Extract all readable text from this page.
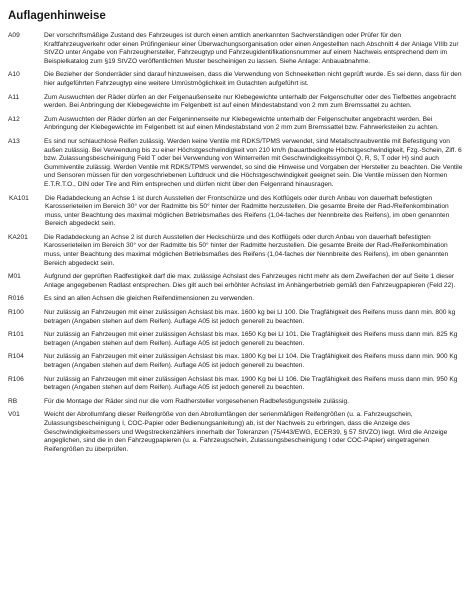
Auflagenhinweise
A09	Der vorschriftsmäßige Zustand des Fahrzeuges ist durch einen amtlich anerkannten Sachverständigen oder Prüfer für den Kraftfahrzeugverkehr oder einen Prüfingenieur einer Überwachungsorganisation oder einen Angestellten nach Abschnitt 4 der Anlage VIIIb zur StVZO unter Angabe von Fahrzeughersteller, Fahrzeugtyp und Fahrzeugidentifikationsnummer auf einem Nachweis entsprechend dem im Beispielkatalog zum §19 StVZO veröffentlichten Muster bescheinigen zu lassen. Siehe Anlage: Anbauabnahme.
A10	Die Bezieher der Sonderräder sind darauf hinzuweisen, dass die Verwendung von Schneeketten nicht geprüft wurde. Es sei denn, dass für den hier aufgeführten Fahrzeugtyp eine weitere Umrüstmöglichkeit im Gutachten aufgeführt ist.
A11	Zum Auswuchten der Räder dürfen an der Felgenaußenseite nur Klebegewichte unterhalb der Felgenschulter oder des Tiefbettes angebracht werden. Bei Anbringung der Klebegewichte im Felgenbett ist auf einen Mindestabstand von 2 mm zum Bremssattel zu achten.
A12	Zum Auswuchten der Räder dürfen an der Felgeninnenseite nur Klebegewichte unterhalb der Felgenschulter angebracht werden. Bei Anbringung der Klebegewichte im Felgenbett ist auf einen Mindestabstand von 2 mm zum Bremssattel bzw. Fahrwerksteilen zu achten.
A13	Es sind nur schlauchlose Reifen zulässig. Werden keine Ventile mit RDKS/TPMS verwendet, sind Metallschraubventile mit Befestigung von außen zulässig. Bei Verwendung bis zu einer Höchstgeschwindigkeit von 210 km/h (bauartbedingte Höchstgeschwindigkeit, Fzg.-Schein, Ziff. 6 bzw. Zulassungsbescheinigung Feld T oder bei Verwendung von Winterreifen mit Geschwindigkeitssymbol Q, R, S, T oder H) sind auch Gummiventile zulässig. Werden Ventile mit RDKS/TPMS verwendet, so sind die Hinweise und Vorgaben der Hersteller zu beachten. Die Ventile und Sensoren müssen für den vorgeschriebenen Luftdruck und die Höchstgeschwindigkeit geeignet sein. Die Ventile müssen den Normen E.T.R.T.O., DIN oder Tire and Rim entsprechen und dürfen nicht über den Felgenrand hinausragen.
KA101	Die Radabdeckung an Achse 1 ist durch Ausstellen der Frontschürze und des Kotflügels oder durch Anbau von dauerhaft befestigten Karosserieteilen im Bereich 30° vor der Radmitte bis 50° hinter der Radmitte herzustellen. Die gesamte Breite der Rad-/Reifenkombination muss, unter Beachtung des maximal möglichen Betriebsmaßes des Reifens (1,04-faches der Nennbreite des Reifens), im oben genannten Bereich abgedeckt sein.
KA201	Die Radabdeckung an Achse 2 ist durch Ausstellen der Heckschürze und des Kotflügels oder durch Anbau von dauerhaft befestigten Karosserieteilen im Bereich 30° vor der Radmitte bis 50° hinter der Radmitte herzustellen. Die gesamte Breite der Rad-/Reifenkombination muss, unter Beachtung des maximal möglichen Betriebsmaßes des Reifens (1,04-faches der Nennbreite des Reifens), im oben genannten Bereich abgedeckt sein.
M01	Aufgrund der geprüften Radfestigkeit darf die max. zulässige Achslast des Fahrzeuges nicht mehr als dem Zweifachen der auf Seite 1 dieser Anlage angegebenen Radlast entsprechen. Dies gilt auch bei erhöhter Achslast im Anhängerbetrieb gemäß den Fahrzeugpapieren (Feld 22).
R016	Es sind an allen Achsen die gleichen Reifendimensionen zu verwenden.
R100	Nur zulässig an Fahrzeugen mit einer zulässigen Achslast bis max. 1600 kg bei LI 100. Die Tragfähigkeit des Reifens muss dann min. 800 kg betragen (Angaben stehen auf dem Reifen). Auflage A05 ist jedoch generell zu beachten.
R101	Nur zulässig an Fahrzeugen mit einer zulässigen Achslast bis max. 1650 Kg bei LI 101. Die Tragfähigkeit des Reifens muss dann min. 825 Kg betragen (Angaben stehen auf dem Reifen). Auflage A05 ist jedoch generell zu beachten.
R104	Nur zulässig an Fahrzeugen mit einer zulässigen Achslast bis max. 1800 Kg bei LI 104. Die Tragfähigkeit des Reifens muss dann min. 900 Kg betragen (Angaben stehen auf dem Reifen). Auflage A05 ist jedoch generell zu beachten.
R106	Nur zulässig an Fahrzeugen mit einer zulässigen Achslast bis max. 1900 Kg bei LI 106. Die Tragfähigkeit des Reifens muss dann min. 950 Kg betragen (Angaben stehen auf dem Reifen). Auflage A05 ist jedoch generell zu beachten.
RB	Für die Montage der Räder sind nur die vom Radhersteller vorgesehenen Radbefestigungsteile zulässig.
V01	Weicht der Abrollumfang dieser Reifengröße von den Abrollumfängen der serienmäßigen Reifengrößen (u. a. Fahrzeugschein, Zulassungsbescheinigung I, COC-Papier oder Bedienungsanleitung) ab, ist der Nachweis zu erbringen, dass die Anzeige des Geschwindigkeitsmessers und Wegstreckenzählers innerhalb der Toleranzen (75/443/EWG, ECER39, § 57 StVZO) liegt. Wird die Anzeige angeglichen, sind die in den Fahrzeugpapieren (u. a. Fahrzeugschein, Zulassungsbescheinigung I oder COC-Papier) eingetragenen Reifengrößen zu überprüfen.
